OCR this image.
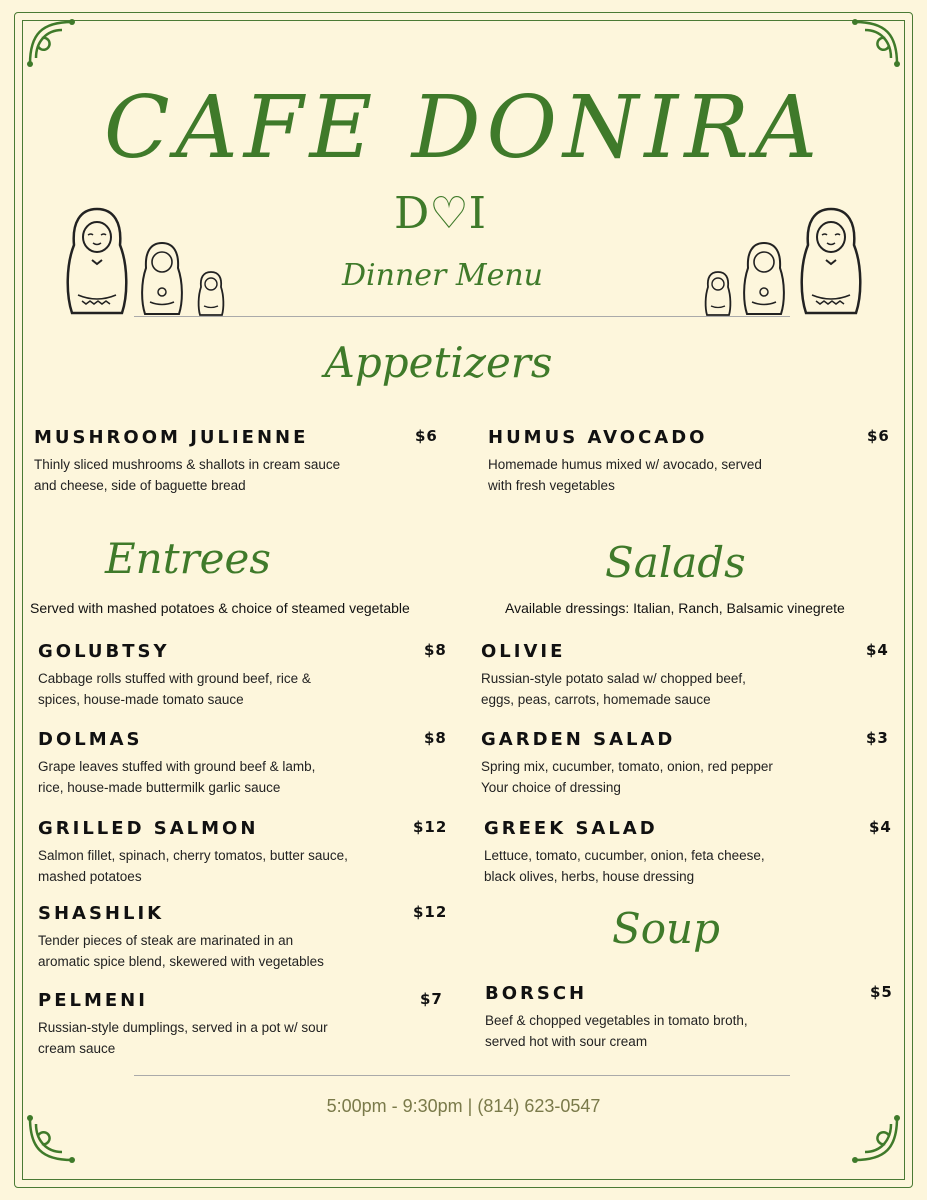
CAFE DONIRA
D♡I
Dinner Menu
Appetizers
MUSHROOM JULIENNE
Thinly sliced mushrooms & shallots in cream sauce
and cheese, side of baguette bread
$6	HUMUS AVOCADO
Homemade humus mixed w/ avocado, served
with fresh vegetables
$6
Entrees
Served with mashed potatoes & choice of steamed vegetable
GOLUBTSY
Cabbage rolls stuffed with ground beef, rice &
spices, house-made tomato sauce
$8
DOLMAS
Grape leaves stuffed with ground beef & lamb,
rice, house-made buttermilk garlic sauce
$8
GRILLED SALMON
Salmon fillet, spinach, cherry tomatos, butter sauce,
mashed potatoes
$12
SHASHLIK
Tender pieces of steak are marinated in an
aromatic spice blend, skewered with vegetables
$12
PELMENI
Russian-style dumplings, served in a pot w/ sour
cream sauce
$7
Salads
Available dressings: Italian, Ranch, Balsamic vinegrete
OLIVIE
Russian-style potato salad w/ chopped beef,
eggs, peas, carrots, homemade sauce
$4
GARDEN SALAD
Spring mix, cucumber, tomato, onion, red pepper
Your choice of dressing
$3
GREEK SALAD
Lettuce, tomato, cucumber, onion, feta cheese,
black olives, herbs, house dressing
$4
Soup
BORSCH
Beef & chopped vegetables in tomato broth,
served hot with sour cream
$5
5:00pm - 9:30pm | (814) 623-0547
